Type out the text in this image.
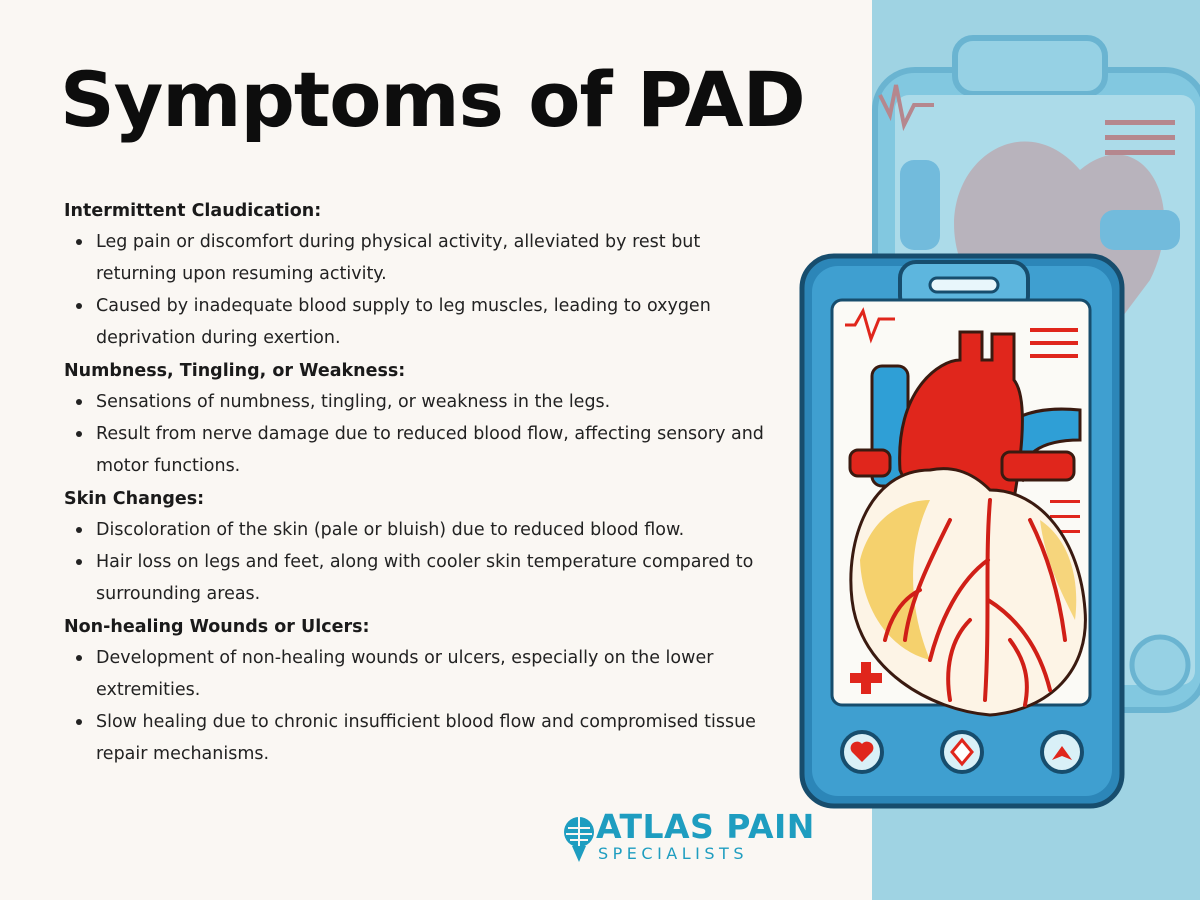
Symptoms of PAD

Intermittent Claudication:

Leg pain or discomfort during physical activity, alleviated by rest but returning upon resuming activity.
Caused by inadequate blood supply to leg muscles, leading to oxygen deprivation during exertion.

Numbness, Tingling, or Weakness:

Sensations of numbness, tingling, or weakness in the legs.
Result from nerve damage due to reduced blood flow, affecting sensory and motor functions.

Skin Changes:

Discoloration of the skin (pale or bluish) due to reduced blood flow.
Hair loss on legs and feet, along with cooler skin temperature compared to surrounding areas.

Non-healing Wounds or Ulcers:

Development of non-healing wounds or ulcers, especially on the lower extremities.
Slow healing due to chronic insufficient blood flow and compromised tissue repair mechanisms.
ATLAS PAIN
SPECIALISTS
